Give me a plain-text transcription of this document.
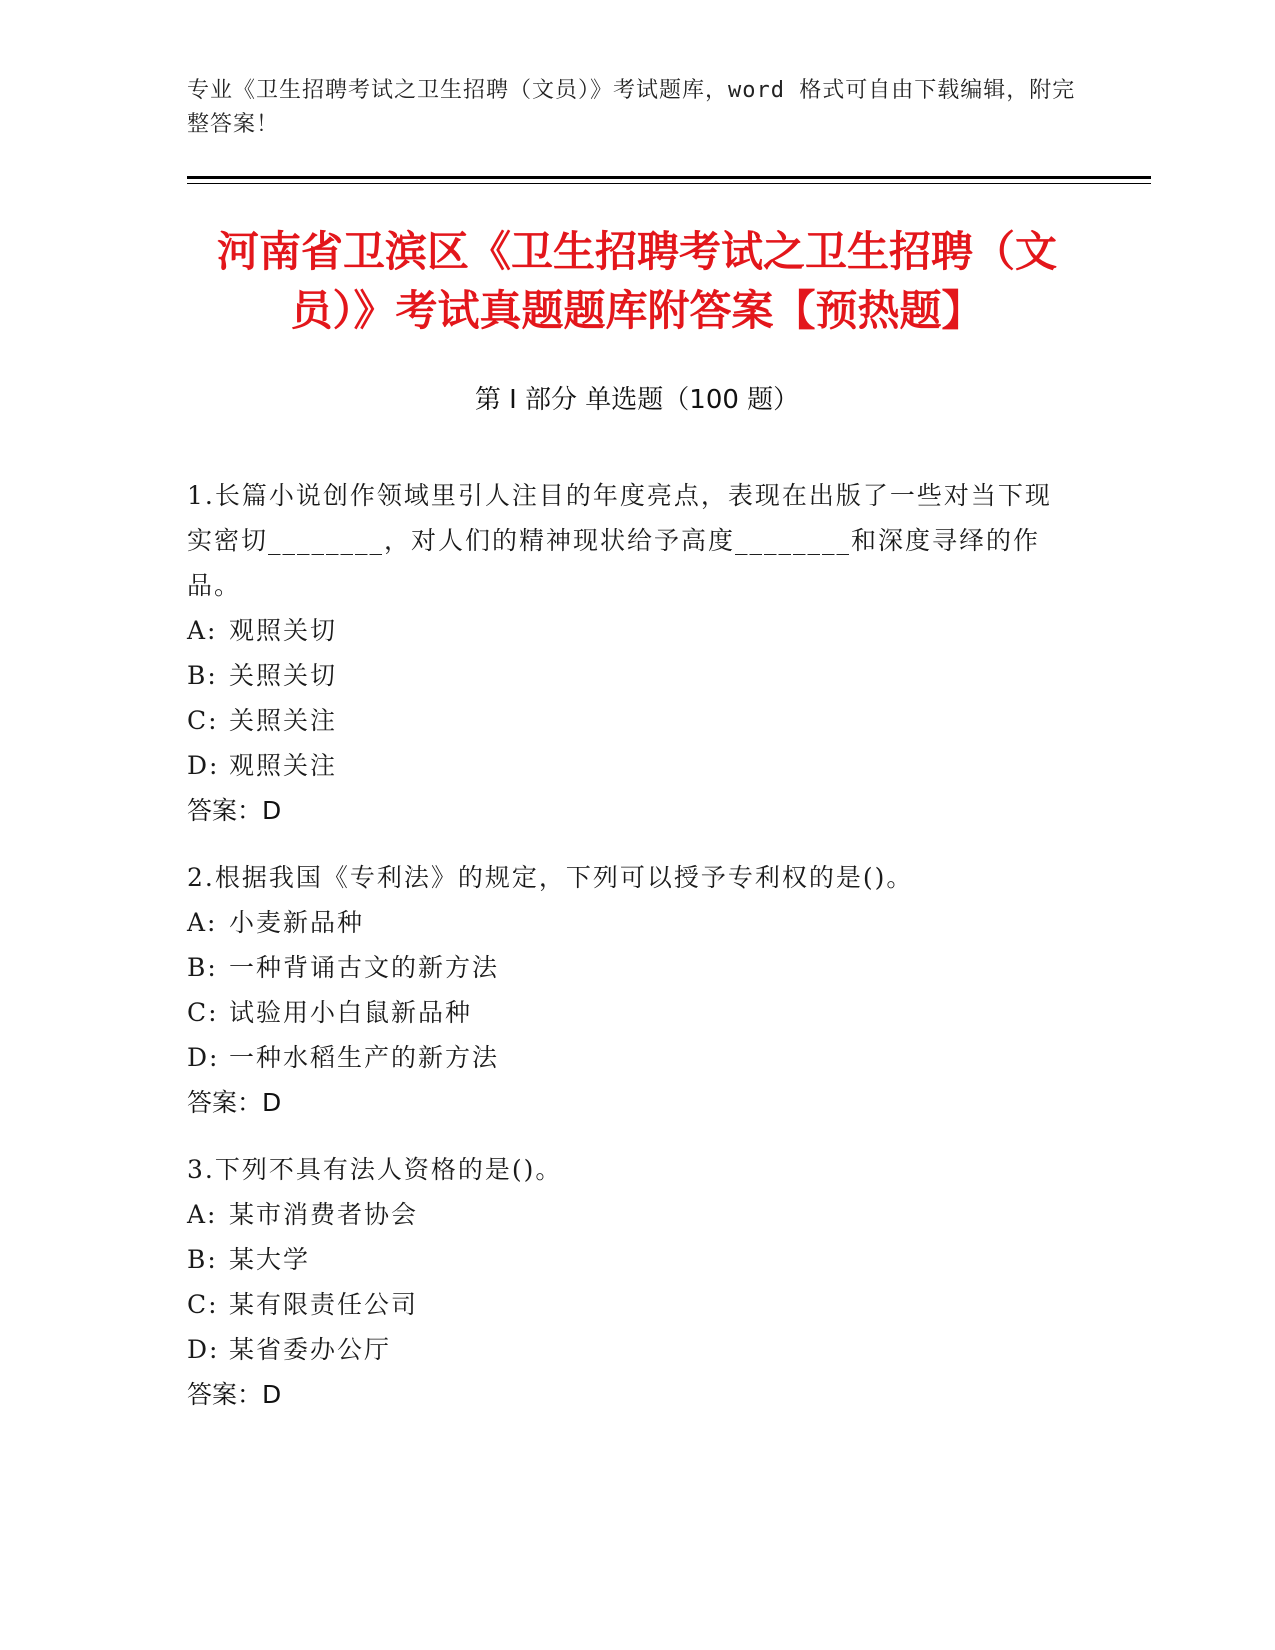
专业《卫生招聘考试之卫生招聘（文员）》考试题库，word 格式可自由下载编辑，附完整答案！
河南省卫滨区《卫生招聘考试之卫生招聘（文员）》考试真题题库附答案【预热题】
第 I 部分 单选题（100 题）
1.长篇小说创作领域里引人注目的年度亮点，表现在出版了一些对当下现实密切________，对人们的精神现状给予高度________和深度寻绎的作品。
A: 观照关切
B: 关照关切
C: 关照关注
D: 观照关注
答案：D
2.根据我国《专利法》的规定，下列可以授予专利权的是()。
A: 小麦新品种
B: 一种背诵古文的新方法
C: 试验用小白鼠新品种
D: 一种水稻生产的新方法
答案：D
3.下列不具有法人资格的是()。
A: 某市消费者协会
B: 某大学
C: 某有限责任公司
D: 某省委办公厅
答案：D
